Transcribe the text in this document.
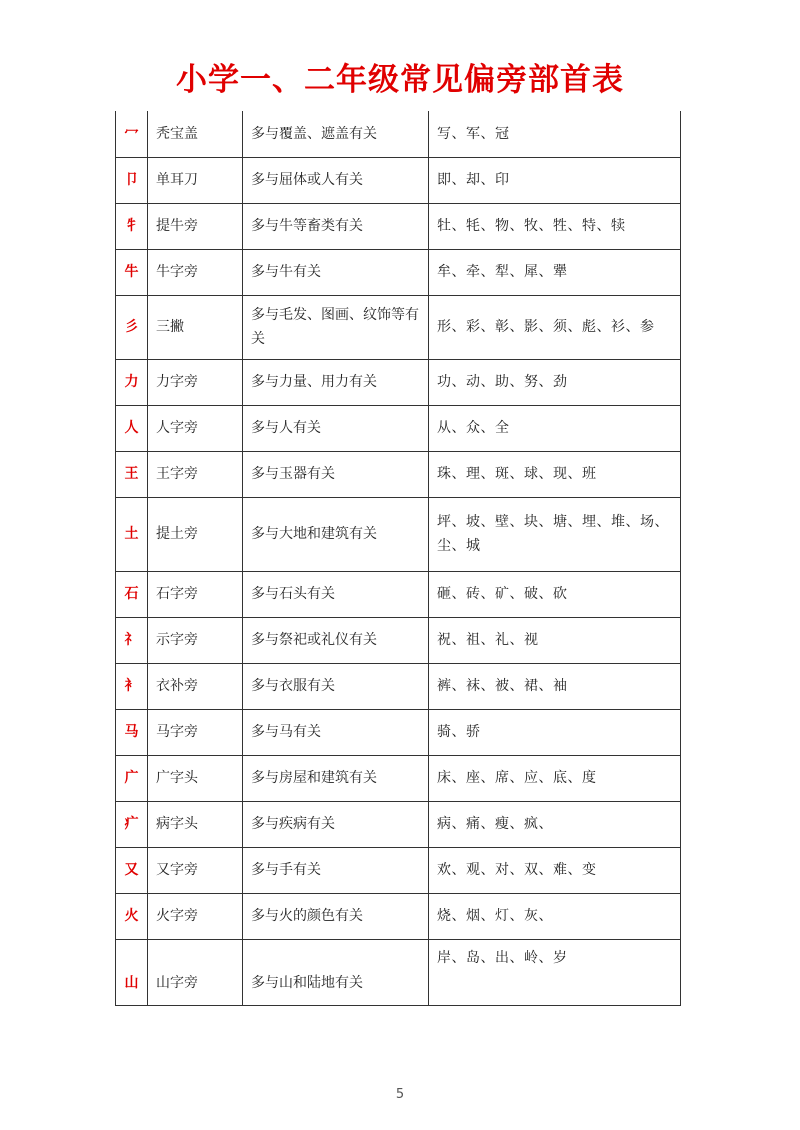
小学一、二年级常见偏旁部首表
冖	秃宝盖	多与覆盖、遮盖有关	写、军、冠
卩	单耳刀	多与屈体或人有关	即、却、印
牜	提牛旁	多与牛等畜类有关	牡、牦、物、牧、牲、特、犊
牛	牛字旁	多与牛有关	牟、牵、犁、犀、犟
彡	三撇	多与毛发、图画、纹饰等有关	形、彩、彰、影、须、彪、衫、参
力	力字旁	多与力量、用力有关	功、动、助、努、劲
人	人字旁	多与人有关	从、众、全
王	王字旁	多与玉器有关	珠、理、斑、球、现、班
土	提土旁	多与大地和建筑有关	坪、坡、壁、块、塘、埋、堆、场、尘、城
石	石字旁	多与石头有关	砸、砖、矿、破、砍
礻	示字旁	多与祭祀或礼仪有关	祝、祖、礼、视
衤	衣补旁	多与衣服有关	裤、袜、被、裙、袖
马	马字旁	多与马有关	骑、骄
广	广字头	多与房屋和建筑有关	床、座、席、应、底、度
疒	病字头	多与疾病有关	病、痛、瘦、疯、
又	又字旁	多与手有关	欢、观、对、双、难、变
火	火字旁	多与火的颜色有关	烧、烟、灯、灰、
山	山字旁	多与山和陆地有关	岸、岛、出、岭、岁
5
